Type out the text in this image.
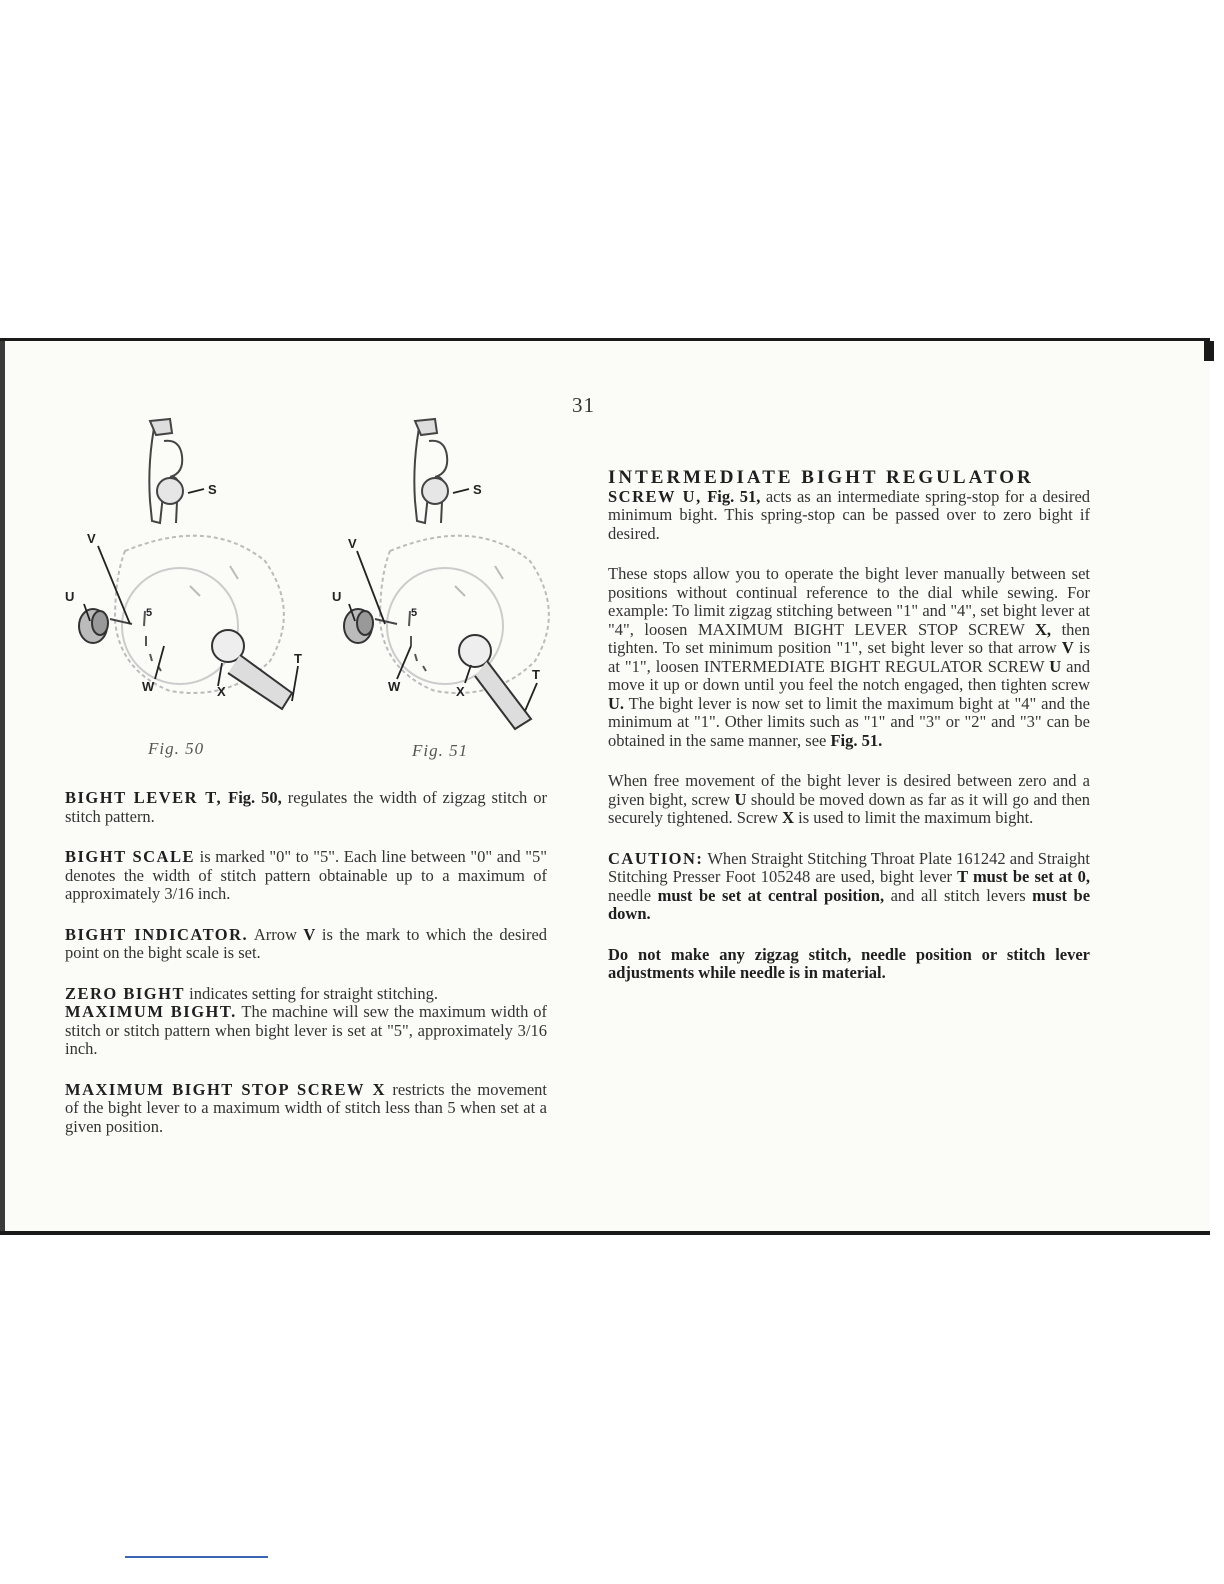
31
S
V
U
W	X
T
5
Fig. 50
S
V
U
W	X
T
5
Fig. 51

BIGHT LEVER T, Fig. 50, regulates the width of zigzag stitch or stitch pattern.

BIGHT SCALE is marked "0" to "5". Each line between "0" and "5" denotes the width of stitch pattern obtainable up to a maximum of approximately 3/16 inch.

BIGHT INDICATOR. Arrow V is the mark to which the desired point on the bight scale is set.

ZERO BIGHT indicates setting for straight stitching.

MAXIMUM BIGHT. The machine will sew the maximum width of stitch or stitch pattern when bight lever is set at "5", approximately 3/16 inch.

MAXIMUM BIGHT STOP SCREW X restricts the movement of the bight lever to a maximum width of stitch less than 5 when set at a given position.

INTERMEDIATE BIGHT REGULATOR
SCREW U, Fig. 51, acts as an intermediate spring-stop for a desired minimum bight. This spring-stop can be passed over to zero bight if desired.

These stops allow you to operate the bight lever manually between set positions without continual reference to the dial while sewing. For example: To limit zigzag stitching between "1" and "4", set bight lever at "4", loosen MAXIMUM BIGHT LEVER STOP SCREW X, then tighten. To set minimum position "1", set bight lever so that arrow V is at "1", loosen INTERMEDIATE BIGHT REGULATOR SCREW U and move it up or down until you feel the notch engaged, then tighten screw U. The bight lever is now set to limit the maximum bight at "4" and the minimum at "1". Other limits such as "1" and "3" or "2" and "3" can be obtained in the same manner, see Fig. 51.

When free movement of the bight lever is desired between zero and a given bight, screw U should be moved down as far as it will go and then securely tightened. Screw X is used to limit the maximum bight.

CAUTION: When Straight Stitching Throat Plate 161242 and Straight Stitching Presser Foot 105248 are used, bight lever T must be set at 0, needle must be set at central position, and all stitch levers must be down.

Do not make any zigzag stitch, needle position or stitch lever adjustments while needle is in material.
